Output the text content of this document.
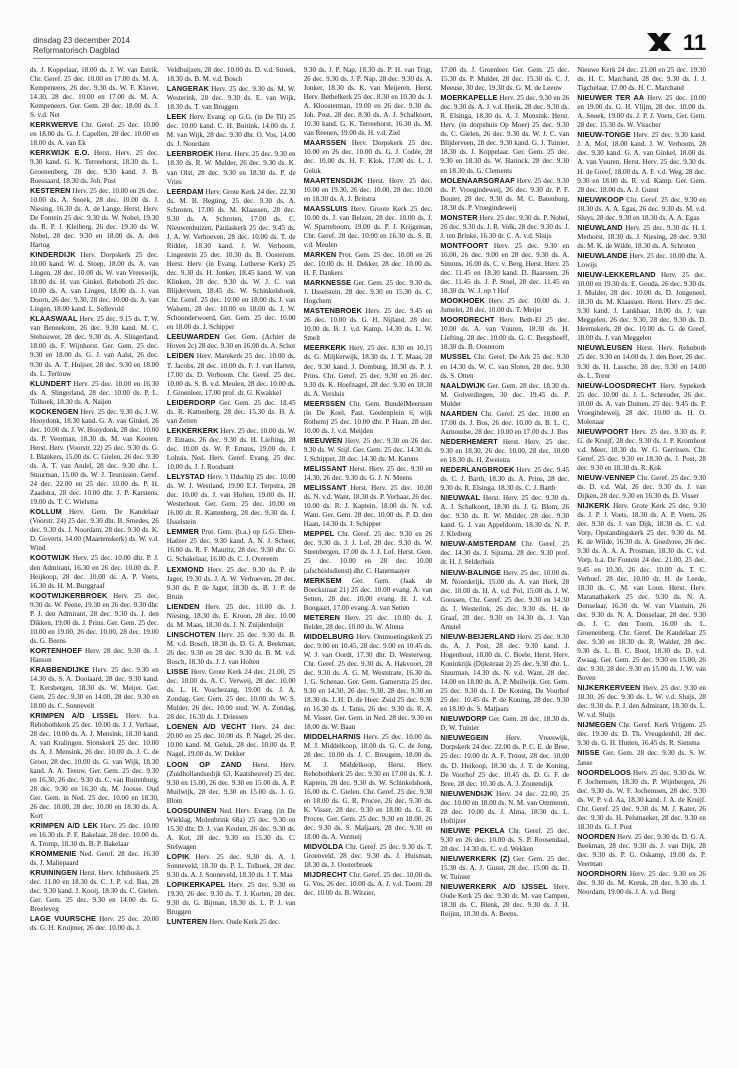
dinsdag 23 december 2014
Reformatorisch Dagblad	11

ds. J. Koppelaar, 18.00 ds. J. W. van Estrik. Chr. Geref. 25 dec. 10.00 en 17.00 ds. M. A. Kempeneers, 26 dec. 9.30 ds. W. F. Klaver, 14.30, 28 dec. 10.00 en 17.00 ds. M. A. Kempeneers. Ger. Gem. 28 dec. 18.00 ds. J. S. v.d. Net

KERKWERVE Chr. Geref. 25 dec. 10.00 en 18.00 ds. G. J. Capellen, 28 dec. 10.00 en 18.00 ds. A. van Ek

KERKWIJK E.O. Herst. Herv. 25 dec. 9.30 kand. G. K. Terreehorst, 18.30 ds. L. Groenenberg, 28 dec. 9.30 kand. J. B. Boessaard, 18.30 ds. Joh. Post

KESTEREN Herv. 25 dec. 10.00 en 26 dec. 10.00 ds. A. Snoek, 28 dec. 10.00 ds. J. Niesing, 16.30 ds. A. de Lange. Herst. Herv. De Fontein 25 dec. 9.30 ds. W. Nobel, 19.30 ds. R. P. J. Kleiberg, 26 dec. 19.30 ds. W. Nobel, 28 dec. 9.30 en 18.00 ds. A. den Hartog

KINDERDIJK Herv. Dorpskerk 25 dec. 10.00 kand. W. d. Stoep, 18.00 ds. A. van Lingen, 28 dec. 10.00 ds. W. van Vreeswijk, 18.00 ds. H. van Ginkel. Rehoboth 25 dec. 10.00 ds. A. van Lingen, 18.00 ds. J. van Doorn, 26 dec. 9.30, 28 dec. 10.00 ds. A. van Lingen, 18.00 kand. L. Sollevold

KLAASWAAL Herv. 25 dec. 9.15 ds. T. W. van Bennekom, 26 dec. 9.30 kand. M. C. Stehouwer, 28 dec. 9.30 ds. A. Slingerland, 18.00 ds. F. Wijnhorst. Ger. Gem. 25 dec. 9.30 en 18.00 ds. G. J. van Aalst, 26 dec. 9.30 ds. A. T. Huijser, 28 dec. 9.30 en 18.00 ds. L. Terlouw

KLUNDERT Herv. 25 dec. 10.00 en 16.30 ds. A. Slingerland, 28 dec. 10.00 ds. P. L. Tolhoek, 18.30 ds. A. Naijen

KOCKENGEN Herv. 25 dec. 9.30 ds. J. W. Hooydonk, 18.30 kand. G. A. van Ginkel, 26 dec. 10.00 ds. J. W. Hooydonk, 28 dec. 10.00 ds. P. Veerman, 18.30 ds. M. van Kooten. Herst. Herv. (Voorstr. 22) 25 dec. 9.30 ds. G. J. Blankers, 15.00 ds. C. Gielen, 26 dec. 9.30 ds. A. T. van Andel, 28 dec. 9.30 dhr. L. Stuurman, 15.00 ds. W. J. Teunissen. Geref. 24 dec. 22.00 en 25 dec. 10.00 ds. P. H. Zaadstra, 28 dec. 10.00 dhr. J. P. Karstens, 19.00 ds. T. C. Wielsma

KOLLUM Herv. Gem. De Kandelaar (Voorstr. 24) 25 dec. 9.30 dhr. B. Smedes, 26 dec. 9.30 ds. J. Noordam, 28 dec. 9.30 ds. K. D. Goverts, 14.00 (Maartenskerk) ds. W. v.d. Wind

KOOTWIJK Herv. 25 dec. 10.00 dhr. P. J. den Admirant, 16.30 en 26 dec. 10.00 ds. P. Heijkoop, 28 dec. 10.00 ds. A. P. Voets, 16.30 ds. H. M. Burggraaf

KOOTWIJKERBROEK Herv. 25 dec. 9.30 ds. W. Peene, 19.30 en 26 dec. 9.30 dhr. P. J. den Admirant, 28 dec. 9.30 ds. J. den Dikken, 19.00 ds. J. Prins. Ger. Gem. 25 dec. 10.00 en 19.00, 26 dec. 10.00, 28 dec. 19.00 ds. G. Beens

KORTENHOEF Herv. 28 dec. 9.30 ds. J. Hanson

KRABBENDIJKE Herv. 25 dec. 9.30 en 14.30 ds. S. A. Doolaard, 28 dec. 9.30 kand. T. Kersbergen, 18.30 ds. W. Meijer. Ger. Gem. 25 dec. 9.30 en 14.00, 28 dec. 9.30 en 18.00 ds. C. Sonnevelt

KRIMPEN A/D LISSEL Herv. b.a. Rehobothkerk 25 dec. 10.00 ds. J. J. Verhaar, 28 dec. 10.00 ds. A. J. Mensink, 18.30 kand. A. van Kralingen. Sionskerk 25 dec. 10.00 ds. A. J. Mensink, 26 dec. 10.00 ds. J. C. de Groot, 28 dec. 10.00 ds. G. van Wijk, 18.30 kand. A. A. Teeuw. Ger. Gem. 25 dec. 9.30 en 16.30, 26 dec. 9.30 ds. C. van Ruitenburg, 28 dec. 9.30 en 16.30 ds. M. Joosse. Oud Ger. Gem. in Ned. 25 dec. 10.00 en 18.30, 26 dec. 10.00, 28 dec. 10.00 en 18.30 ds. A. Kort

KRIMPEN A/D LEK Herv. 25 dec. 10.00 en 16.30 ds. P. F. Bakelaar, 28 dec. 10.00 ds. A. Tromp, 18.30 ds. B. P. Bakelaar

KROMMENIE Ned. Geref. 28 dec. 16.30 ds. J. Maliepaard

KRUININGEN Herst. Herv. Ichthuskerk 25 dec. 11.00 en 18.30 ds. C. J. P. v.d. Bas, 28 dec. 9.30 kand. J. Kooij, 18.30 ds. C. Gielen. Ger. Gem. 25 dec. 9.30 en 14.00 ds. G. Breeleveg

LAGE VUURSCHE Herv. 25 dec. 20.00 ds. G. H. Kruijmer, 26 dec. 10.00 ds. J.

Veldhuijzen, 28 dec. 10.00 ds. D. v.d. Streek, 18.30 ds. B. M. v.d. Bosch

LANGERAK Herv. 25 dec. 9.30 ds. M. W. Westerink, 28 dec. 9.30 ds. E. van Wijk, 18.30 ds. T. van Bruggen

LEEK Herv. Evang. op G.G. (in De Til) 25 dec. 10.00 kand. C. H. Buitink, 14.00 ds. J. M. van Wijk, 28 dec. 9.30 dhr. O. Vos, 14.00 ds. J. Noordam

LEERBROEK Herst. Herv. 25 dec. 9.30 en 18.30 ds. R. W. Mulder, 26 dec. 9.30 ds. K. van Olst, 28 dec. 9.30 en 18.30 ds. P. de Vries

LEERDAM Herv. Grote Kerk 24 dec. 22.30 ds. M. B. Hegting, 25 dec. 9.30 ds. A. Schroten, 17.00 ds. M. Klaassen, 28 dec. 9.30 ds. A. Schroten, 17.00 ds. C. Nieuwenhuizen, Paulaskerk 25 dec. 9.45 ds. J. A. W. Verhoeven, 28 dec. 10.00 ds. T. de Ridder, 18.30 kand. J. W. Verhoom, Lingestein 25 dec. 10.30 ds. B. Oosterom. Herst. Herv. (in Evang. Lutherse Kerk) 25 dec. 9.30 ds. H. Jonker, 18.45 kand. W. van Klinken, 28 dec. 9.30 ds. W. J. C. van Blijderveen, 18.45 ds. W. Schinkelshoek. Chr. Geref. 25 dec. 10.00 en 18.00 ds. J. van Walsem, 28 dec. 10.00 en 18.00 ds. J. W. Schoonderwoerd, Ger. Gem. 25 dec. 10.00 en 18.00 ds. J. Schipper

LEEUWARDEN Ger. Gem. (Achter de Hoven 2c) 28 dec. 9.30 en 16.00 ds. A. Schot

LEIDEN Herv. Marekerk 25 dec. 10.00 ds. T. Jacobs, 28 dec. 10.00 ds. F. J. van Harten, 17.00 ds. D. Verboom. Chr. Geref. 25 dec. 10.00 ds. S. B. v.d. Meulen, 28 dec. 10.00 ds. J. Groenleer, 17.00 prof. dr. G. Kwakkel

LEIDERDORP Ger. Gem. 25 dec. 18.45 ds. R. Kattenberg, 28 dec. 15.30 ds. H. A. van Zetten

LEKKERKERK Herv. 25 dec. 10.00 ds. W. P. Emaus, 26 dec. 9.30 ds. H. Liefting, 28 dec. 10.00 ds. W. P. Emaus, 19.00 ds. J. Lohuis. Ned. Herv. Geref. Evang. 25 dec. 10.00 ds. J. J. Roodsant

LELYSTAD Herv. 't IJdschip 25 dec. 10.00 ds. W. J. Westland, 19.00 E.J. Terpstra, 28 dec. 10.00 ds. J. van Holten, 19.00 ds. H. Westerhout. Ger. Gem. 25 dec. 10.00 en 16.00 dr. R. Kattenberg, 28 dec. 9.30 ds. J. IJsselstein

LEMMER Prot. Gem. (b.a.) op G.G. Eben-Haëzer 25 dec. 9.30 kand. A. N. J. Scheer, 16.00 ds. R. F. Mauritz, 28 dec. 9.30 dhr. G. G. Schakelaar, 16.00 ds. C. J. Overeem

LEXMOND Herv. 25 dec. 9.30 ds. P. de Jager, 19.30 ds. J. A. W. Verhoeven, 28 dec. 9.30 ds. P. de Jager, 18.30 ds. B. J. P. de Bruin

LIENDEN Herv. 25 dec. 10.00 ds. J. Niesing, 18.30 ds. E. Kroon, 28 dec. 10.00 ds. M. Maas, 18.30 ds. J. N. Zuijderduijn

LINSCHOTEN Herv. 25 dec. 9.30 ds. B. M. v.d. Bosch, 18.30 ds. D. G. A. Beekman, 26 dec. 9.30 en 28 dec. 9.30 ds. B. M. v.d. Bosch, 18.30 ds. J. J. van Holten

LISSE Herv. Grote Kerk 24 dec. 21.00, 25 dec. 10.00 ds. A. C. Verweij, 28 dec. 10.00 ds. L. H. Voschezang, 19.00 ds. J. A. Zondag. Ger. Gem. 25 dec. 10.00 ds. W. S. Mulder, 26 dec. 10.00 stud. W. A. Zondag, 28 dec. 16.30 ds. J. Driessen

LOENEN A/D VECHT Herv. 24 dec. 20.00 en 25 dec. 10.00 ds. P. Nagel, 26 dec. 10.00 kand. M. Geluk, 28 dec. 10.00 ds. P. Nagel, 19.00 ds. W. Dekker

LOON OP ZAND Herst. Herv. (Zuidhollandsedijk 63, Kaatsheuvel) 25 dec. 9.30 en 15.00, 26 dec. 9.30 en 15.00 ds. A. P. Muilwijk, 28 dec. 9.30 en 15.00 ds. J. G. Blom

LOOSDUINEN Ned. Herv. Evang. (in De Wieklag, Molenbrink 68a) 25 dec. 9.30 en 15.30 dhr. D. J. van Keulen, 26 dec. 9.30 ds. A. Kot, 28 dec. 9.30 en 15.30 ds. C. Stelwagen

LOPIK Herv. 25 dec. 9.30 ds. A. J. Sonneveld, 18.30 ds. P. L. Tolhoek, 28 dec. 9.30 ds. A. J. Sonneveld, 18.30 ds. J. T. Maa

LOPIKERKAPEL Herv. 25 dec. 9.30 en 19.30, 26 dec. 9.30 ds. T. J. Korten, 28 dec. 9.30 ds. G. Bijman, 18.30 ds. L. P. J. van Bruggen

LUNTEREN Herv. Oude Kerk 25 dec.

9.30 ds. J. P. Nap, 18.30 ds. P. H. van Trigt, 26 dec. 9.30 ds. J. P. Nap, 28 dec. 9.30 ds. A. Jonker, 18.30 ds. K. van Meijeren. Herst. Herv. Bethelkerk 25 dec. 8.30 en 10.30 ds. J. A. Kloosterman, 19.00 en 26 dec. 9.30 ds. Joh. Post, 28 dec. 8.30 ds. A. J. Schalkoort, 10.30 kand. G. K. Terreehorst, 16.30 ds. M. van Reenen, 19.00 ds. H. v.d. Ziel

MAARSSEN Herv. Dorpskerk 25 dec. 10.00 en 26 dec. 10.00 ds. G. J. Codée, 28 dec. 10.00 ds. H. F. Klok, 17.00 ds. L. J. Geluk

MAARTENSDIJK Herst. Herv. 25 dec. 10.00 en 19.30, 26 dec. 10.00, 28 dec. 10.00 en 18.30 ds. A. J. Britstra

MAASSLUIS Herv. Groote Kerk 25 dec. 10.00 ds. J. van Belzen, 28 dec. 10.00 ds. J. W. Sparreboom, 19.00 ds. P. J. Krijgsman, Chr. Geref. 28 dec. 10.00 en 16.30 ds. S. B. v.d. Meulen

MARKEN Prot. Gem. 25 dec. 10.00 en 26 dec. 10.00 ds. H. Dekker, 28 dec. 10.00 ds. H. F. Dankers

MARKNESSE Ger. Gem. 25 dec. 9.30 ds. J. IJsselstein, 28 dec. 9.30 en 15.30 ds. C. Hogchem

MASTENBROEK Herv. 25 dec. 9.45 en 26 dec. 10.00 ds. G. H. Nijland, 28 dec. 10.00 ds. B. J. v.d. Kamp, 14.30 ds. L. W. Smelt

MEERKERK Herv. 25 dec. 8.30 en 10.15 ds. G. Miljkerwijk, 18.30 ds. J. T. Maas, 28 dec. 9.30 kand. J. Domburg, 18.30 ds. P. J. Prins. Chr. Geref. 25 dec. 9.30 en 26 dec. 9.30 ds. K. Hoefnagel, 28 dec. 9.30 en 18.30 ds. A. Versluis

MEERSSEN Chr. Gem. BundelMeerssen (in De Koel, Past. Geelenplein 6, wijk Rothem) 25 dec. 10.00 dhr. P. Haan, 28 dec. 10.00 ds. J. v.d. Meijden

MEEUWEN Herv. 25 dec. 9.30 en 26 dec. 9.30 ds. W. Stijf. Ger. Gem. 25 dec. 14.30 ds. J. Schipper, 28 dec. 14.30 ds. M. Karens

MELISSANT Herst. Herv. 25 dec. 9.30 en 14.30, 26 dec. 9.30 ds. G. J. N. Meens

MELISSANT Herst. Herv. 25 dec. 10.00 ds. N. v.d. Want, 18.30 ds. P. Verhaar, 26 dec. 10.00 ds. R. J. Kaptein, 18.00 ds. N. v.d. Want. Ger. Gem. 28 dec. 10.00 ds. P. D. den Haan, 14.30 ds. J. Schipper

MEPPEL Chr. Geref. 25 dec. 9.30 en 26 dec. 9.30 ds. J. J. Lof, 28 dec. 9.30 ds. W. Steenbergen, 17.00 ds. J. J. Lof. Herst. Gem. 25 dec. 10.00 en 28 dec. 10.00 (afscheidsdienst) dhr. C. Hanemaayer

MERKSEM Ger. Gem. (Jaak de Boeckstraat 21) 25 dec. 10.00 evang. A. van Setten, 28 dec. 10.00 evang. H. J. v.d. Boogaart, 17.00 evang. A. van Setten

METEREN Herv. 25 dec. 10.00 ds. J. Belder, 28 dec. 10.00 ds. W. Altena

MIDDELBURG Herv. Ontmoetingskerk 25 dec. 9.00 en 10.45, 28 dec. 9.00 en 10.45 ds. W. J. van Oordt, 17.30 dhr. D. Westerweg. Chr. Geref. 25 dec. 9.30 ds. A. Hakvoort, 28 dec. 9.30 ds. A. G. M. Weststrate, 16.30 ds. J. G. Schenau. Ger. Gem. Gamerstra 25 dec. 9.30 en 14.30, 26 dec. 9.30, 28 dec. 9.30 en 18.30 ds. J. H. D. de Heer. Zuid 25 dec. 9.30 en 16.30 ds. J. Tanis, 26 dec. 9.30 ds. R. A. M. Visser. Ger. Gem. in Ned. 28 dec. 9.30 en 18.00 ds. W. Baan

MIDDELHARNIS Herv. 25 dec. 10.00 ds. M. J. Middelkoop, 18.00 ds. G. C. de Jong, 28 dec. 10.00 ds. J. C. Breugem, 18.00 ds. M. J. Middelkoop, Herst. Herv. Rehobothkerk 25 dec. 9.30 en 17.00 ds. K. J. Kaptein, 28 dec. 9.30 ds. W. Schinkelshoek, 16.00 ds. C. Gielen. Chr. Geref. 25 dec. 9.30 en 18.00 ds. G. R. Procee, 26 dec. 9.30 ds. K. Visser, 28 dec. 9.30 en 18.00 ds. G. R. Procee. Ger. Gem. 25 dec. 9.30 en 18.00, 26 dec. 9.30 ds. S. Maljaars, 28 dec. 9.30 en 18.00 ds. A. Vermeij

MIDVOLDA Chr. Geref. 25 dec. 9.30 ds. T. Groenveld, 28 dec. 9.30 ds. J. Huisman, 18.30 ds. J. Oosterbroek

MIJDRECHT Chr. Geref. 25 dec. 10.00 ds. G. Vos, 26 dec. 10.00 ds. A. J. v.d. Toorn. 28 dec. 10.00 ds. B. Witzier,

17.00 ds. J. Groenleer. Ger. Gem. 25 dec. 15.30 ds. P. Mulder, 28 dec. 15.30 ds. C. J. Meeuse, 30 dec. 19.30 ds. G. M. de Leeuw

MOERKAPELLE Herv. 25 dec. 9.30 en 26 dec. 9.30 ds. A. J. v.d. Herik, 28 dec. 9.30 ds. R. Elsinga, 18.30 ds. A. J. Mensink. Herst. Herv. (in dorpshuis Op Moer) 25 dec. 9.30 ds. C. Gielen, 26 dec. 9.30 ds. W. J. C. van Blijderveen, 28 dec. 9.30 kand. G. J. Tuinier, 18.30 ds. J. Koppelaar. Ger. Gem. 25 dec. 9.30 en 18.30 ds. W. Harinck, 28 dec. 9.30 en 18.30 ds. G. Clements

MOLENAARSGRAAF Herv. 25 dec. 9.30 ds. P. Vroegindeweij, 26 dec. 9.30 dr. P. F. Bouter, 28 dec. 9.30 ds. M. C. Batenburg, 18.30 ds. P. Vroegindeweij

MONSTER Herv. 25 dec. 9.30 ds. P. Nobel, 26 dec. 9.30 ds. J. R. Volk, 28 dec. 9.30 ds. J. J. ten Brinke, 16.30 dr. C. A. v.d. Sluijs

MONTFOORT Herv. 25 dec. 9.30 en 16.00, 26 dec. 9.00 en 28 dec. 9.30 ds. A. Simons, 16.00 ds. C. v. Berg. Herst. Herv. 25 dec. 11.45 en 18.30 kand. D. Baarssen, 26 dec. 11.45 ds. J. P. Stoel, 28 dec. 11.45 en 18.30 ds. W. J. op 't Hof

MOOKHOEK Herv. 25 dec. 10.00 ds. J. Jumelet, 28 dec. 10.00 ds. T. Meijer

MOORDRECHT Herv. Beth-El 25 dec. 10.00 ds. A. van Vuuren, 18.30 ds. H. Liefting, 28 dec. 10.00 ds. G. C. Bergshoeff, 18.30 ds. B. Oosterom

MUSSEL Chr. Geref. De Ark 25 dec. 9.30 en 14.30 ds. W. C. van Sloten, 28 dec. 9.30 ds. S. Otten

NAALDWIJK Ger. Gem. 28 dec. 18.30 ds. M. Golverdingen, 30 dec. 19.45 ds. P. Mulder

NAARDEN Chr. Geref. 25 dec. 10.00 en 17.00 ds. J. Bos, 26 dec. 10.00 ds. B. L. C. Aarnoudse, 28 dec. 10.00 en 17.00 ds. J. Bos

NEDERHEMERT Herst. Herv. 25 dec. 9.30 en 18.30, 26 dec. 10.00, 28 dec. 10.00 en 18.30 ds. H. Zweistra

NEDERLANGBROEK Herv. 25 dec. 9.45 ds. C. J. Barth, 18.30 ds. A. Prins, 28 dec. 9.30 ds. R. Elsinga, 18.30 ds. C. J. Barth

NIEUWAAL Herst. Herv. 25 dec. 9.30 ds. A. J. Schalkoort, 18.30 ds. J. G. Blom, 26 dec. 9.30 ds. R. W. Mulder, 28 dec. 9.30 kand. G. J. van Appeldoorn, 18.30 ds. N. P. J. Kleiberg

NIEUW-AMSTERDAM Chr. Geref. 25 dec. 14.30 ds. J. Sijtsma, 28 dec. 9.30 prof. dr. H. J. Selderhuis

NIEUW-BALINGE Herv. 25 dec. 10.00 ds. M. Noorderijk, 15.00 ds. A. van Herk, 28 dec. 10.00 ds. H. A. v.d. Pol, 15.00 ds. J. W. Goossen, Chr. Geref. 25 dec. 9.30 en 14.30 ds. J. Westerink, 26 dec. 9.30 ds. H. de Graaf, 28 dec. 9.30 en 14.30 ds. J. Van Amstel

NIEUW-BEIJERLAND Herv. 25 dec. 9.30 ds. A. J. Post, 28 dec. 9.30 kand. J. Hogenhout, 18.00 ds. C. Boele, Herst. Herv. Koninkrijk (Dijkstraat 2) 25 dec. 9.30 dhr. L. Stuurman, 14.30 ds. N. v.d. Want, 28 dec. 14.00 en 18.00 ds. A. P. Muilwijk. Ger. Gem. 25 dec. 9.30 ds. J. De Koning, De Voorhof 25 dec. 10.45 ds. P. de Koning, 28 dec. 9.30 en 18.00 ds. S. Maljaars

NIEUWDORP Ger. Gem. 28 dec. 18.30 ds. D. W. Tuinier

NIEUWEGEIN Herv. Vreeswijk, Dorpskerk 24 dec. 22.00 ds. P. C. E. de Bree, 25 dec. 10.00 dr. A. F. Troost, 28 dec. 10.00 ds. D. Heikoop, 18.30 ds. J. T. de Koning, De Voorhof 25 dec. 10.45 ds. D. G. F. de Bree, 28 dec. 10.30 ds. A. J. Zoutendijk

NIEUWENDIJK Herv. 24 dec. 22.00, 25 dec. 10.00 en 18.00 ds. N. M. van Ommeren, 28 dec. 10.00 ds. J. Alma, 18.30 ds. L. Hoftijzer

NIEUWE PEKELA Chr. Geref. 25 dec. 9.30 en 26 dec. 10.00 ds. S. P. Roosendaal, 28 dec. 14.30 ds. C. v.d. Wekken

NIEUWERKERK (Z) Ger. Gem. 25 dec. 15.30 ds. A. J. Gunst, 28 dec. 15.00 ds. D. W. Tuinier

NIEUWERKERK A/D IJSSEL Herv. Oude Kerk 25 dec. 9.30 dr. M. van Campen, 18.30 ds. C. Blenk, 28 dec. 9.30 ds. J. H. Reijim, 18.30 ds. A. Beens.

Nieuwe Kerk 24 dec. 21.00 en 25 dec. 19.30 ds. H. C. Marchand, 28 dec. 9.30 ds. J. J. Tigchelaar, 17.00 ds. H. C. Marchand

NIEUWER TER AA Herv. 25 dec. 10.00 en 19.00 ds. G. H. Vlijm, 28 dec. 10.00 ds. A. Snoek, 19.00 ds. J. P. J. Voets, Ger. Gem. 28 dec. 15.30 ds. W. Visscher

NIEUW-TONGE Herv. 25 dec. 9.30 kand. J. A. Mol, 18.00 kand. J. W. Verhoom, 28 dec. 9.30 kand. G. A. van Ginkel, 18.00 ds. A. van Vuuren. Herst. Herv. 25 dec. 9.30 ds. H. de Greef, 18.00 ds. A. F. v.d. Weg, 28 dec. 9.30 en 18.00 ds. R. v.d. Kamp. Ger. Gem. 28 dec. 18.00 ds. A. J. Gunst

NIEUWKOOP Chr. Geref. 25 dec. 9.30 en 18.30 ds. A. A. Egas, 26 dec. 9.30 ds. M. v.d. Sluys, 28 dec. 9.30 en 18.30 ds. A. A. Egas

NIEUWLAND Herv. 25 dec. 9.30 ds. H. I. Methorst, 18.30 ds. J. Niesing, 28 dec. 9.30 ds. M. K. de Wilde, 18.30 ds. A. Schroten

NIEUWLANDE Herv. 25 dec. 10.00 dhr. A. Lowijs

NIEUW-LEKKERLAND Herv. 25 dec. 10.00 en 19.30 ds. E. Gouda, 26 dec. 9.30 ds. J. Mulder, 28 dec. 10.00 ds. D. Jongeneel, 18.30 ds. M. Klaassen. Herst. Herv. 25 dec. 9.30 kand. J. Lankhaar, 18.00 ds. J. van Meggelen, 26 dec. 9.30, 28 dec. 9.30 ds. D. Heemskerk, 28 dec. 10.00 ds. G. de Greef, 18.00 ds. J. van Meggelen

NIEUWLEUSEN Herst. Herv. Rehoboth 25 dec. 9.30 en 14.00 ds. J. den Boer, 26 dec. 9.30 ds. H. Lassche, 28 dec. 9.30 en 14.00 ds. L. Treur

NIEUW-LOOSDRECHT Herv. Sypekerk 25 dec. 10.00 ds. J. L. Schreuder, 26 dec. 10.00 ds. A. van Duinen, 25 dec. 9.45 ds. P. Vroegindeweij, 28 dec. 10.00 ds. H. O. Molenaar

NIEUWPOORT Herv. 25 dec. 9.30 ds. F. G. de Kruijf, 28 dec. 9.30 ds. J. P. Kromhout v.d. Meer, 18.30 ds. W. G. Gerritsen. Chr. Geref. 25 dec. 9.30 en 18.30 ds. J. Post, 28 dec. 9.30 en 18.30 ds. R. Kok

NIEUW-VENNEP Chr. Geref. 25 dec. 9.30 ds. D. v.d. Wal, 26 dec. 9.30 ds. J. van Dijken, 28 dec. 9.30 en 16.30 ds. D. Visser

NIJKERK Herv. Grote Kerk 25 dec. 9.30 ds. J. P. J. Voets, 18.30 ds. A. P. Voets, 26 dec. 9.30 ds. J. van Dijk, 18.30 ds. C. v.d. Vorp, Opstandingskerk 25 dec. 9.30 ds. M. K. de Wilde, 16.30 ds. A. Goedvree, 26 dec. 9.30 ds. A. A. A. Prosman, 18.30 ds. C. v.d. Vorp, b.a. De Fontein 24 dec. 21.00, 25 dec. 9.45 en 10.30, 26 dec. 10.00 ds. T. C. Verhoef. 28 dec. 10.00 dr. H. de Leede, 18.30 ds. C. M. van Loon. Herst. Herv. Maranathakerk 25 dec. 9.30 ds. N. A. Donselaar, 16.30 ds. W. van Vlastuin, 26 dec. 9.30 ds. N. A. Donselaar, 28 dec. 9.30 ds. J. C. den Toom, 16.00 ds. L. Groenenberg. Chr. Geref. De Kandelaar 25 dec. 9.30 en 18.30 ds. R. Walder, 28 dec. 9.30 ds. L. B. C. Boot, 18.30 ds. D. v.d. Zwaag. Ger. Gem. 25 dec. 9.30 en 15.00, 26 dec. 9.30, 28 dec. 9.30 en 15.00 ds. J. W. van Boven

NIJKERKERVEEN Herv. 25 dec. 9.30 en 18.30, 26 dec. 9.30 ds. L. W. v.d. Sluijs, 28 dec. 9.30 ds. P. J. den Admirant, 18.30 ds. L. W. v.d. Sluijs

NIJMEGEN Chr. Geref. Kerk Vrijgem. 25 dec. 19.30 ds. D. Th. Vreugdenhil, 28 dec. 9.30 ds. G. H. Hutten, 16.45 ds. R. Sietsma

NISSE Ger. Gem. 28 dec. 9.30 ds. S. W. Janse

NOORDELOOS Herv. 25 dec. 9.30 ds. W. F. Jochemsen, 18.30 ds. P. Wijnbergen, 26 dec. 9.30 ds. W. F. Jochemsen, 28 dec. 9.30 ds. W. P. v.d. Aa, 18.30 kand. J. A. de Kruijf. Chr. Geref. 25 dec. 9.30 ds. M. J. Kater, 26 dec. 9.30 ds. H. Pelsmaeker, 28 dec. 9.30 en 18.30 ds. G. J. Post

NOORDEN Herv. 25 dec. 9.30 ds. D. G. A. Beekman, 28 dec. 9.30 ds. J. van Dijk, 28 dec. 9.30 ds. P. G. Oskamp, 19.00 ds. P. Veerman

NOORDHORN Herv. 25 dec. 9.30 en 26 dec. 9.30 ds. M. Kreuk, 28 dec. 9.30 ds. J. Noordam, 19.00 ds. J. A. v.d. Berg
